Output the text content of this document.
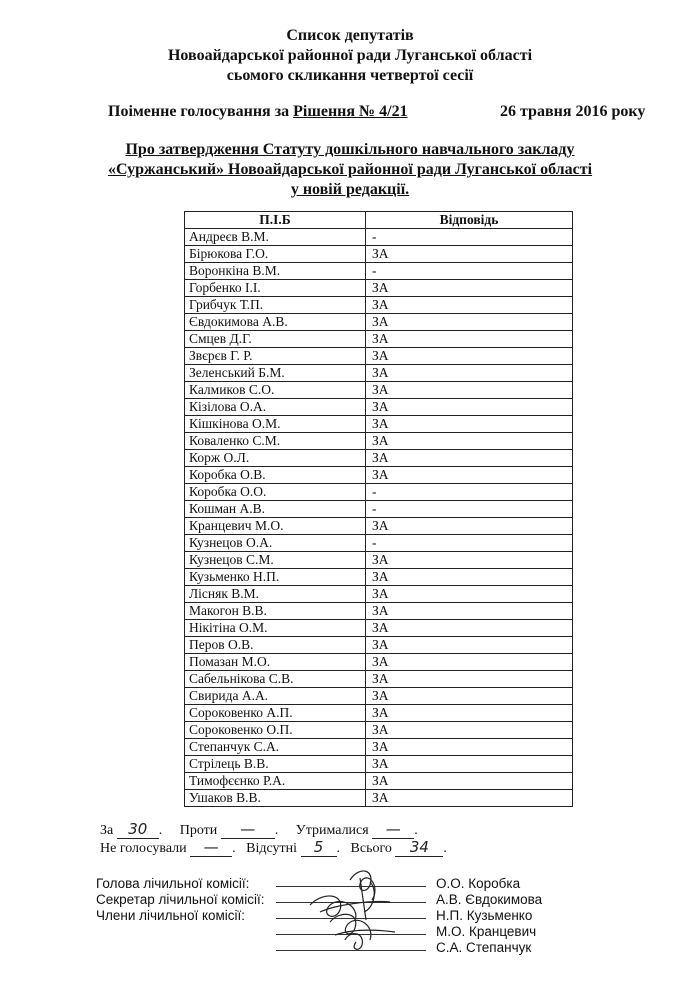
Список депутатів
Новоайдарської районної ради Луганської області
сьомого скликання четвертої сесії
Поіменне голосування за Рішення № 4/21	26 травня 2016 року
Про затвердження Статуту дошкільного навчального закладу
«Суржанський» Новоайдарської районної ради Луганської області
у новій редакції.
П.І.Б	Відповідь
Андреєв В.М.	-
Бірюкова Г.О.	ЗА
Воронкіна В.М.	-
Горбенко І.І.	ЗА
Грибчук Т.П.	ЗА
Євдокимова А.В.	ЗА
Смцев Д.Г.	ЗА
Звєрєв Г. Р.	ЗА
Зеленський Б.М.	ЗА
Калмиков С.О.	ЗА
Кізілова О.А.	ЗА
Кішкінова О.М.	ЗА
Коваленко С.М.	ЗА
Корж О.Л.	ЗА
Коробка О.В.	ЗА
Коробка О.О.	-
Кошман А.В.	-
Кранцевич М.О.	ЗА
Кузнецов О.А.	-
Кузнецов С.М.	ЗА
Кузьменко Н.П.	ЗА
Лісняк В.М.	ЗА
Макогон В.В.	ЗА
Нікітіна О.М.	ЗА
Перов О.В.	ЗА
Помазан М.О.	ЗА
Сабельнікова С.В.	ЗА
Свирида А.А.	ЗА
Сороковенко А.П.	ЗА
Сороковенко О.П.	ЗА
Степанчук С.А.	ЗА
Стрілець В.В.	ЗА
Тимофєєнко Р.А.	ЗА
Ушаков В.В.	ЗА
За 30 .     Проти — .     Утрималися — .
Не голосували — .   Відсутні 5 .   Всього 34 .
Голова лічильної комісії:
Секретар лічильної комісії:
Члени лічильної комісії:
О.О. Коробка
А.В. Євдокимова
Н.П. Кузьменко
М.О. Кранцевич
С.А. Степанчук
